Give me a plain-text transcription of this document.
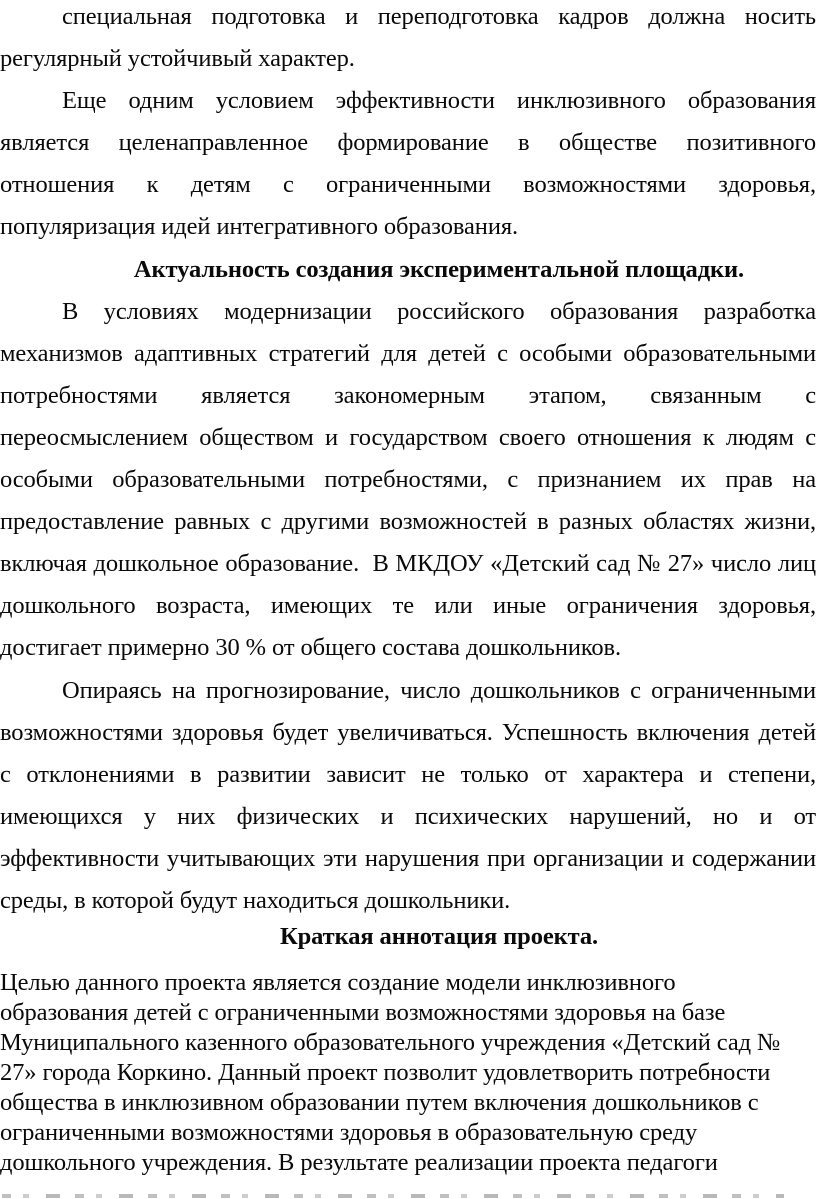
специальная подготовка и переподготовка кадров должна носить
регулярный устойчивый характер.
Еще одним условием эффективности инклюзивного образования
является целенаправленное формирование в обществе позитивного
отношения к детям с ограниченными возможностями здоровья,
популяризация идей интегративного образования.
Актуальность создания экспериментальной площадки.
В условиях модернизации российского образования разработка
механизмов адаптивных стратегий для детей с особыми образовательными
потребностями является закономерным этапом, связанным с
переосмыслением обществом и государством своего отношения к людям с
особыми образовательными потребностями, с признанием их прав на
предоставление равных с другими возможностей в разных областях жизни,
включая дошкольное образование.  В МКДОУ «Детский сад № 27» число лиц
дошкольного возраста, имеющих те или иные ограничения здоровья,
достигает примерно 30 % от общего состава дошкольников.
Опираясь на прогнозирование, число дошкольников с ограниченными
возможностями здоровья будет увеличиваться. Успешность включения детей
с отклонениями в развитии зависит не только от характера и степени,
имеющихся у них физических и психических нарушений, но и от
эффективности учитывающих эти нарушения при организации и содержании
среды, в которой будут находиться дошкольники.
Краткая аннотация проекта.
Целью данного проекта является создание модели инклюзивного
образования детей с ограниченными возможностями здоровья на базе
Муниципального казенного образовательного учреждения «Детский сад №
27» города Коркино. Данный проект позволит удовлетворить потребности
общества в инклюзивном образовании путем включения дошкольников с
ограниченными возможностями здоровья в образовательную среду
дошкольного учреждения. В результате реализации проекта педагоги
